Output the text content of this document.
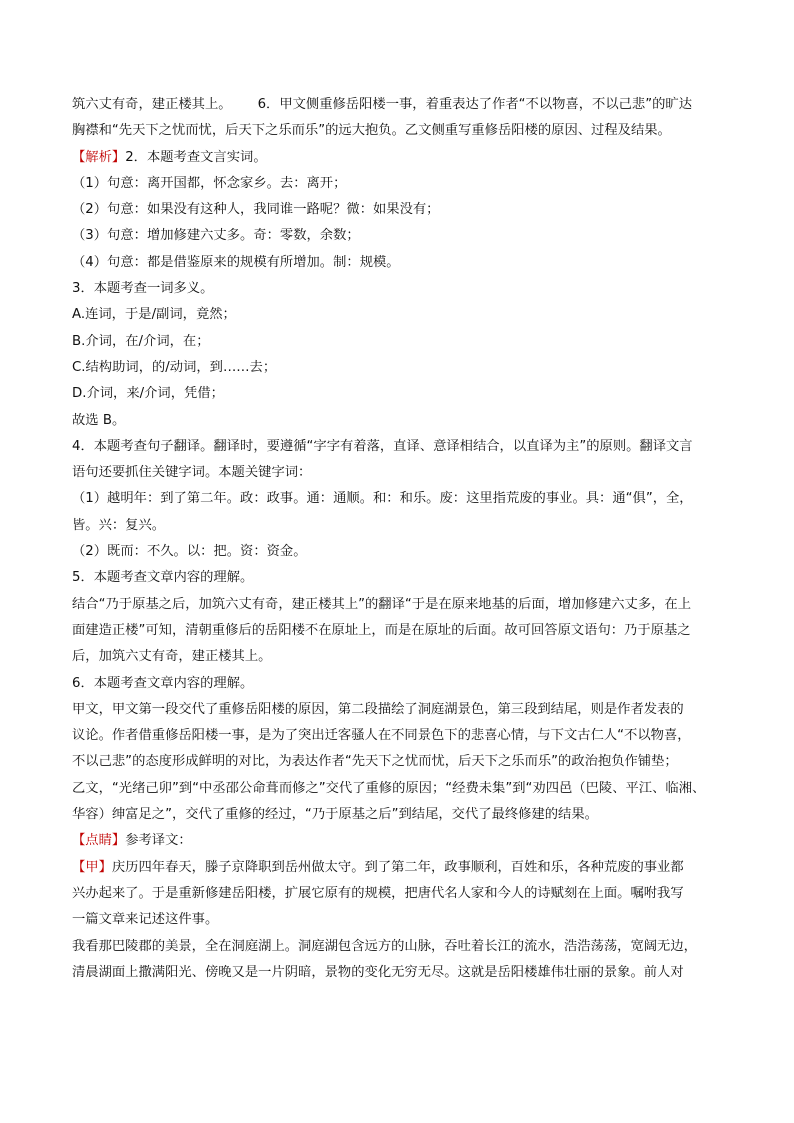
筑六丈有奇，建正楼其上。 6．甲文侧重修岳阳楼一事，着重表达了作者“不以物喜，不以己悲”的旷达
胸襟和“先天下之忧而忧，后天下之乐而乐”的远大抱负。乙文侧重写重修岳阳楼的原因、过程及结果。
【解析】2．本题考查文言实词。
（1）句意：离开国都，怀念家乡。去：离开；
（2）句意：如果没有这种人，我同谁一路呢？微：如果没有；
（3）句意：增加修建六丈多。奇：零数，余数；
（4）句意：都是借鉴原来的规模有所增加。制：规模。
3．本题考查一词多义。
A.连词，于是/副词，竟然；
B.介词，在/介词，在；
C.结构助词，的/动词，到……去；
D.介词，来/介词，凭借；
故选 B。
4．本题考查句子翻译。翻译时，要遵循“字字有着落，直译、意译相结合，以直译为主”的原则。翻译文言
语句还要抓住关键字词。本题关键字词：
（1）越明年：到了第二年。政：政事。通：通顺。和：和乐。废：这里指荒废的事业。具：通“俱”，全，
皆。兴：复兴。
（2）既而：不久。以：把。资：资金。
5．本题考查文章内容的理解。
结合“乃于原基之后，加筑六丈有奇，建正楼其上”的翻译“于是在原来地基的后面，增加修建六丈多，在上
面建造正楼”可知，清朝重修后的岳阳楼不在原址上，而是在原址的后面。故可回答原文语句：乃于原基之
后，加筑六丈有奇，建正楼其上。
6．本题考查文章内容的理解。
甲文，甲文第一段交代了重修岳阳楼的原因，第二段描绘了洞庭湖景色，第三段到结尾，则是作者发表的
议论。作者借重修岳阳楼一事，是为了突出迁客骚人在不同景色下的悲喜心情，与下文古仁人“不以物喜，
不以己悲”的态度形成鲜明的对比，为表达作者“先天下之忧而忧，后天下之乐而乐”的政治抱负作铺垫；
乙文，“光绪己卯”到“中丞邵公命葺而修之”交代了重修的原因；“经费未集”到“劝四邑（巴陵、平江、临湘、
华容）绅富足之”，交代了重修的经过，“乃于原基之后”到结尾，交代了最终修建的结果。
【点睛】参考译文：
【甲】庆历四年春天，滕子京降职到岳州做太守。到了第二年，政事顺利，百姓和乐，各种荒废的事业都
兴办起来了。于是重新修建岳阳楼，扩展它原有的规模，把唐代名人家和今人的诗赋刻在上面。嘱咐我写
一篇文章来记述这件事。
我看那巴陵郡的美景，全在洞庭湖上。洞庭湖包含远方的山脉，吞吐着长江的流水，浩浩荡荡，宽阔无边，
清晨湖面上撒满阳光、傍晚又是一片阴暗，景物的变化无穷无尽。这就是岳阳楼雄伟壮丽的景象。前人对
